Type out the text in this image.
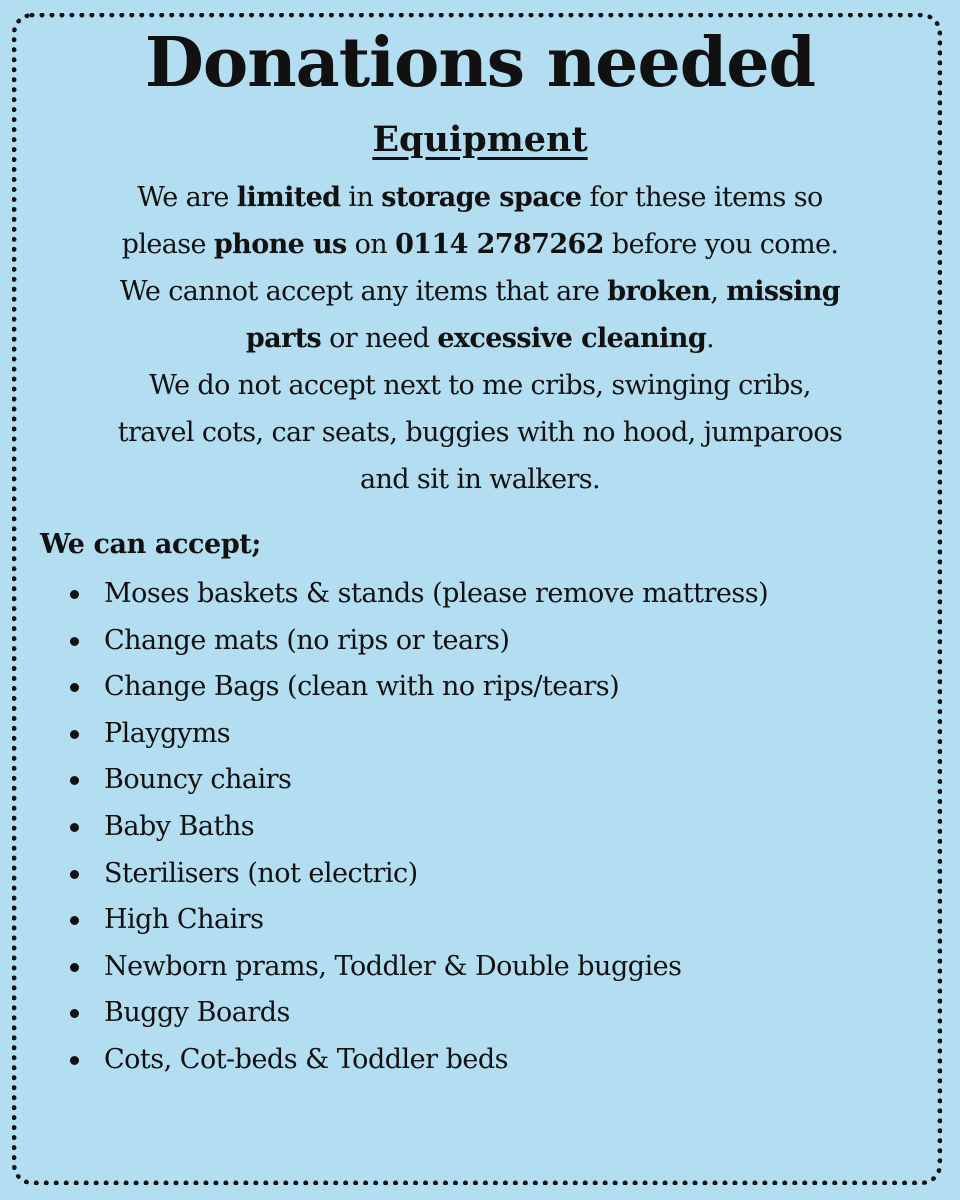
Donations needed
Equipment

We are limited in storage space for these items so

please phone us on 0114 2787262 before you come.

We cannot accept any items that are broken, missing

parts or need excessive cleaning.

We do not accept next to me cribs, swinging cribs,

travel cots, car seats, buggies with no hood, jumparoos

and sit in walkers.

We can accept;
Moses baskets & stands (please remove mattress)
Change mats (no rips or tears)
Change Bags (clean with no rips/tears)
Playgyms
Bouncy chairs
Baby Baths
Sterilisers (not electric)
High Chairs
Newborn prams, Toddler & Double buggies
Buggy Boards
Cots, Cot-beds & Toddler beds
